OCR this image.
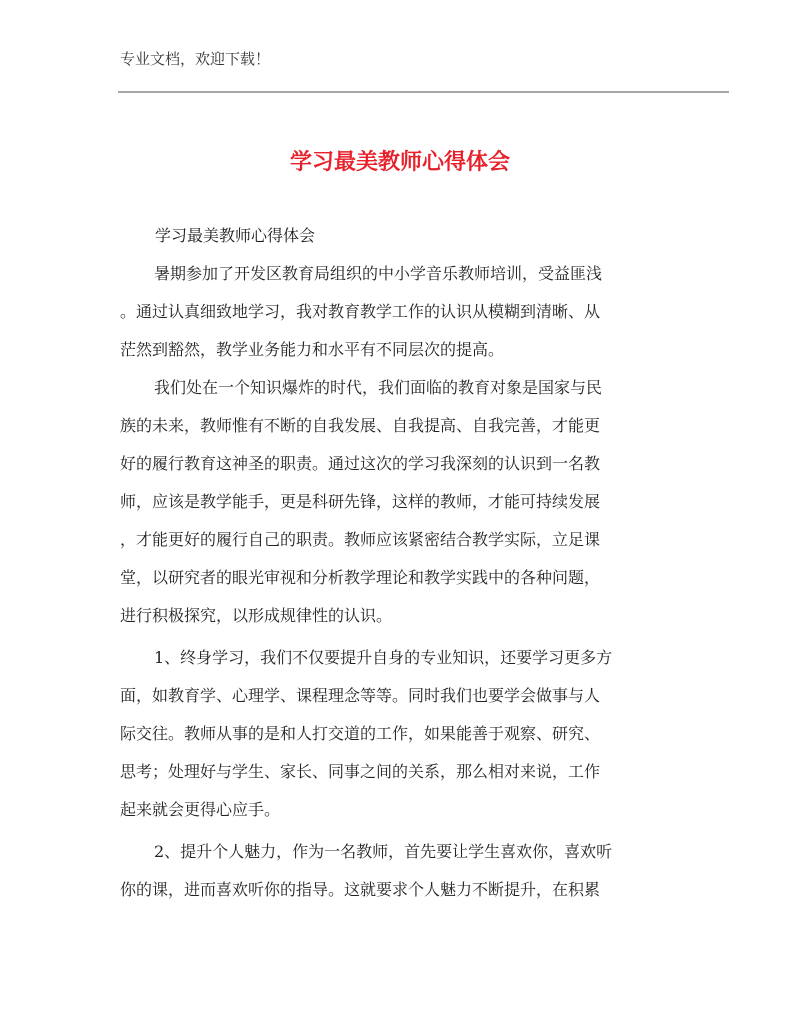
专业文档，欢迎下载！
学习最美教师心得体会
学习最美教师心得体会
暑期参加了开发区教育局组织的中小学音乐教师培训，受益匪浅
。通过认真细致地学习，我对教育教学工作的认识从模糊到清晰、从
茫然到豁然，教学业务能力和水平有不同层次的提高。
我们处在一个知识爆炸的时代，我们面临的教育对象是国家与民
族的未来，教师惟有不断的自我发展、自我提高、自我完善，才能更
好的履行教育这神圣的职责。通过这次的学习我深刻的认识到一名教
师，应该是教学能手，更是科研先锋，这样的教师，才能可持续发展
，才能更好的履行自己的职责。教师应该紧密结合教学实际，立足课
堂，以研究者的眼光审视和分析教学理论和教学实践中的各种问题，
进行积极探究，以形成规律性的认识。
1、终身学习，我们不仅要提升自身的专业知识，还要学习更多方
面，如教育学、心理学、课程理念等等。同时我们也要学会做事与人
际交往。教师从事的是和人打交道的工作，如果能善于观察、研究、
思考；处理好与学生、家长、同事之间的关系，那么相对来说，工作
起来就会更得心应手。
2、提升个人魅力，作为一名教师，首先要让学生喜欢你，喜欢听
你的课，进而喜欢听你的指导。这就要求个人魅力不断提升，在积累
